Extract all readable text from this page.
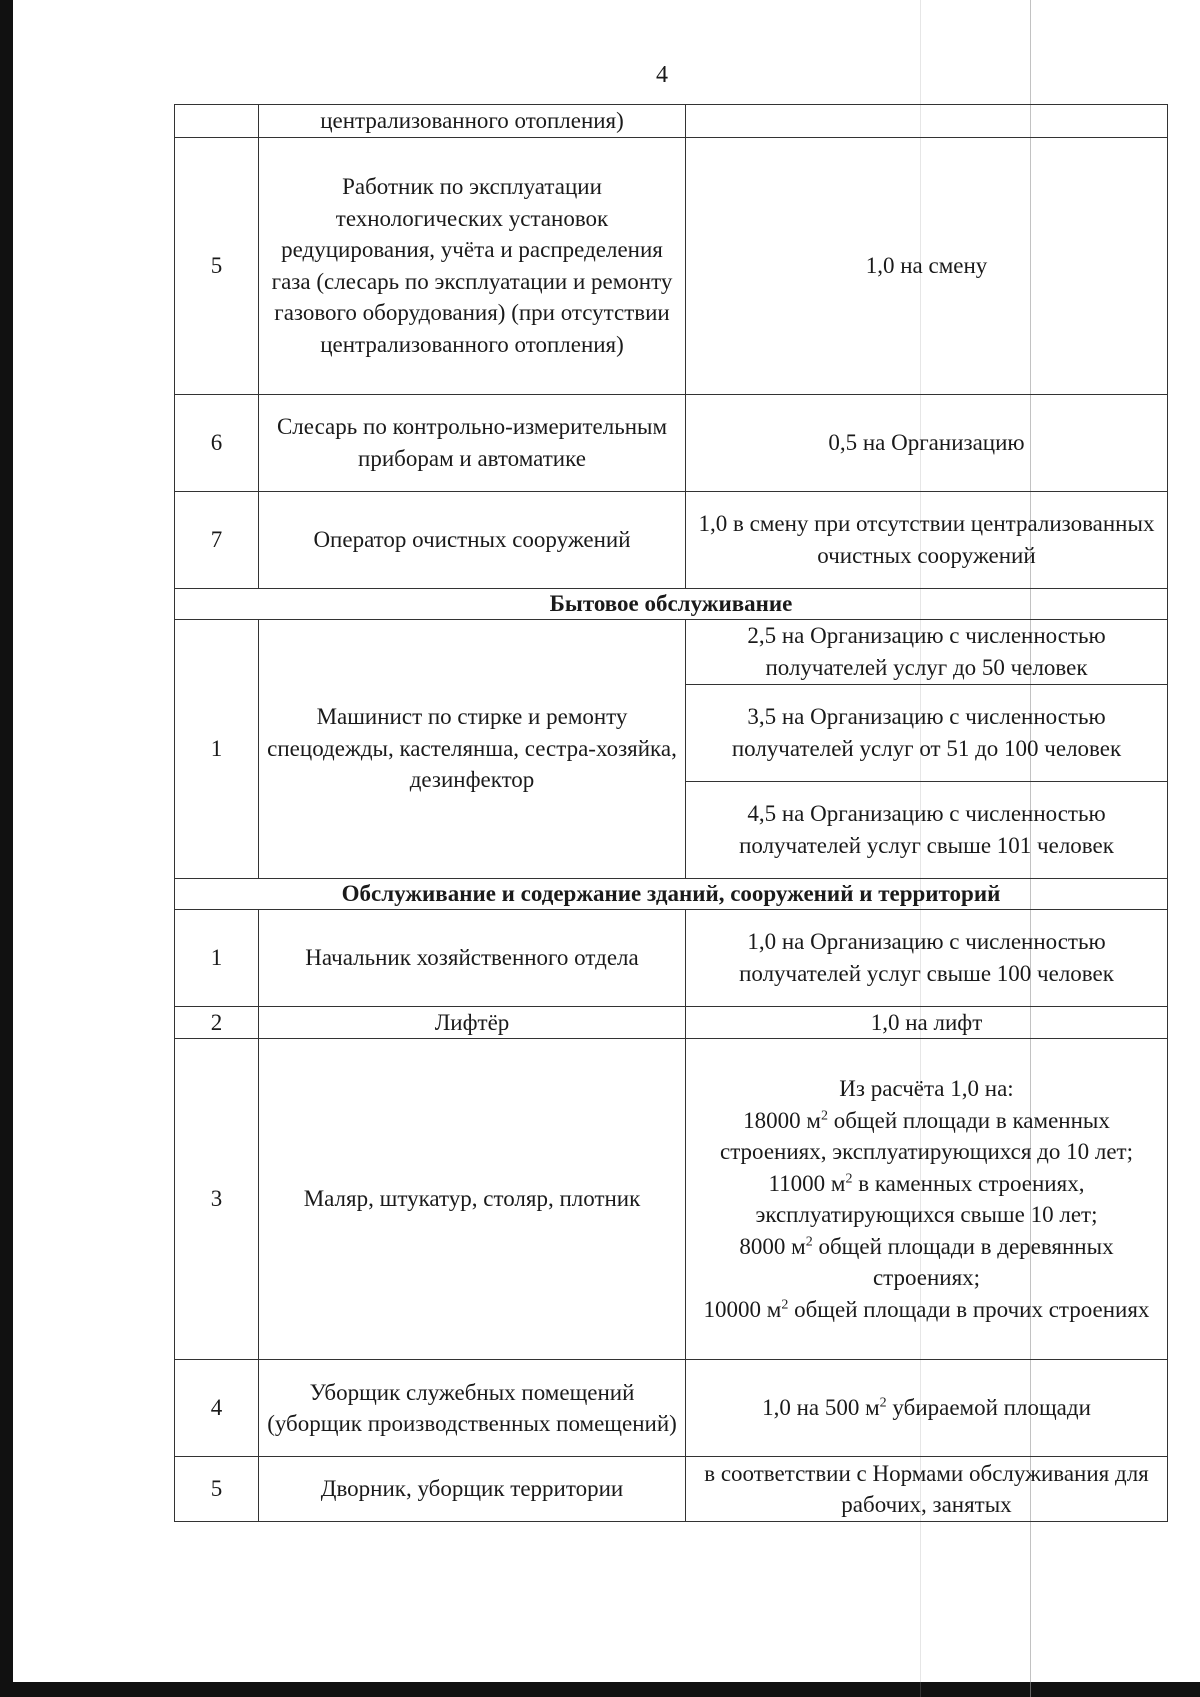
4
	централизованного отопления)	
5	Работник по эксплуатации технологических установок редуцирования, учёта и распределения газа (слесарь по эксплуатации и ремонту газового оборудования) (при отсутствии централизованного отопления)	1,0 на смену
6	Слесарь по контрольно-измерительным приборам и автоматике	0,5 на Организацию
7	Оператор очистных сооружений	1,0 в смену при отсутствии централизованных очистных сооружений
Бытовое обслуживание		
1	Машинист по стирке и ремонту спецодежды, кастелянша, сестра-хозяйка, дезинфектор	2,5 на Организацию с численностью получателей услуг до 50 человек
		3,5 на Организацию с численностью получателей услуг от 51 до 100 человек
		4,5 на Организацию с численностью получателей услуг свыше 101 человек
Обслуживание и содержание зданий, сооружений и территорий		
1	Начальник хозяйственного отдела	1,0 на Организацию с численностью получателей услуг свыше 100 человек
2	Лифтёр	1,0 на лифт
3	Маляр, штукатур, столяр, плотник	Из расчёта 1,0 на:
18000 $м^2$ общей площади в каменных строениях, эксплуатирующихся до 10 лет;
11000 $м^2$ в каменных строениях, эксплуатирующихся свыше 10 лет;
8000 $м^2$ общей площади в деревянных строениях;
10000 $м^2$ общей площади в прочих строениях

4	Уборщик служебных помещений (уборщик производственных помещений)	1,0 на 500 $м^2$ убираемой площади
5	Дворник, уборщик территории	в соответствии с Нормами обслуживания для рабочих, занятых
